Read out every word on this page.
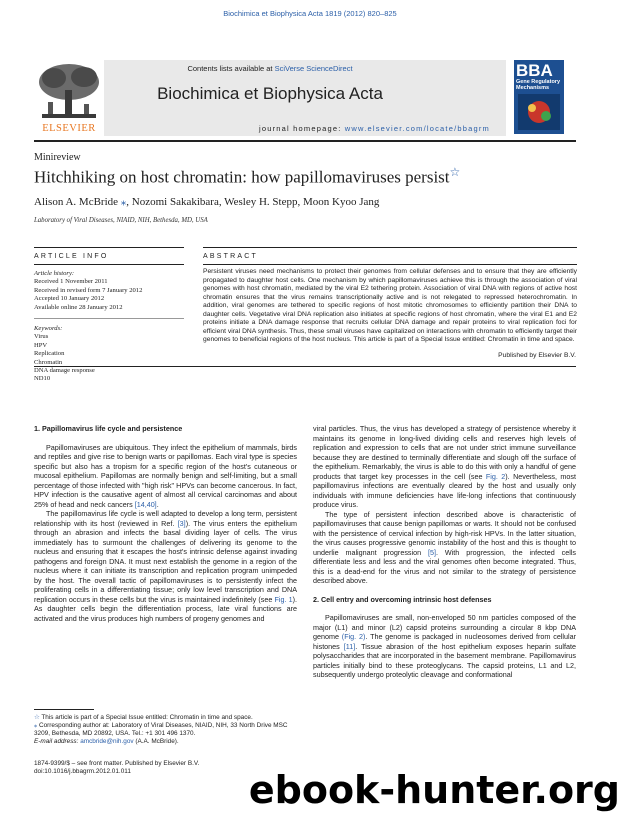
Biochimica et Biophysica Acta 1819 (2012) 820–825
Contents lists available at SciVerse ScienceDirect
Biochimica et Biophysica Acta
journal homepage: www.elsevier.com/locate/bbagrm
ELSEVIER
BBA
Gene Regulatory Mechanisms
Minireview
Hitchhiking on host chromatin: how papillomaviruses persist☆
Alison A. McBride ⁎, Nozomi Sakakibara, Wesley H. Stepp, Moon Kyoo Jang
Laboratory of Viral Diseases, NIAID, NIH, Bethesda, MD, USA
ARTICLE INFO
Article history:
Received 1 November 2011
Received in revised form 7 January 2012
Accepted 10 January 2012
Available online 28 January 2012
Keywords:
Virus
HPV
Replication
Chromatin
DNA damage response
ND10
ABSTRACT
Persistent viruses need mechanisms to protect their genomes from cellular defenses and to ensure that they are efficiently propagated to daughter host cells. One mechanism by which papillomaviruses achieve this is through the association of viral genomes with host chromatin, mediated by the viral E2 tethering protein. Association of viral DNA with regions of active host chromatin ensures that the virus remains transcriptionally active and is not relegated to repressed heterochromatin. In addition, viral genomes are tethered to specific regions of host mitotic chromosomes to efficiently partition their DNA to daughter cells. Vegetative viral DNA replication also initiates at specific regions of host chromatin, where the viral E1 and E2 proteins initiate a DNA damage response that recruits cellular DNA damage and repair proteins to viral replication foci for efficient viral DNA synthesis. Thus, these small viruses have capitalized on interactions with chromatin to efficiently target their genomes to beneficial regions of the host nucleus. This article is part of a Special Issue entitled: Chromatin in time and space.
Published by Elsevier B.V.
1. Papillomavirus life cycle and persistence

Papillomaviruses are ubiquitous. They infect the epithelium of mammals, birds and reptiles and give rise to benign warts or papillomas. Each viral type is species specific but also has a tropism for a specific region of the host's cutaneous or mucosal epithelium. Papillomas are normally benign and self-limiting, but a small percentage of those infected with "high risk" HPVs can become cancerous. In fact, HPV infection is the causative agent of almost all cervical carcinomas and about 25% of head and neck cancers [14,40].

The papillomavirus life cycle is well adapted to develop a long term, persistent relationship with its host (reviewed in Ref. [3]). The virus enters the epithelium through an abrasion and infects the basal dividing layer of cells. The virus immediately has to surmount the challenges of delivering its genome to the nucleus and ensuring that it escapes the host's intrinsic defense against invading pathogens and foreign DNA. It must next establish the genome in a region of the nucleus where it can initiate its transcription and replication program unimpeded by the host. The overall tactic of papillomaviruses is to persistently infect the proliferating cells in a differentiating tissue; only low level transcription and DNA replication occurs in these cells but the virus is maintained indefinitely (see Fig. 1). As daughter cells begin the differentiation process, late viral functions are activated and the virus produces high numbers of progeny genomes and

viral particles. Thus, the virus has developed a strategy of persistence whereby it maintains its genome in long-lived dividing cells and reserves high levels of replication and expression to cells that are not under strict immune surveillance because they are destined to terminally differentiate and slough off the surface of the epithelium. Remarkably, the virus is able to do this with only a handful of gene products that target key processes in the cell (see Fig. 2). Nevertheless, most papillomavirus infections are eventually cleared by the host and usually only individuals with immune deficiencies have life-long infections that continuously produce virus.

The type of persistent infection described above is characteristic of papillomaviruses that cause benign papillomas or warts. It should not be confused with the persistence of cervical infection by high-risk HPVs. In the latter situation, the virus causes progressive genomic instability of the host and this is thought to underlie malignant progression [5]. With progression, the infected cells differentiate less and less and the viral genomes often become integrated. Thus, this is a dead-end for the virus and not similar to the strategy of persistence described above.

2. Cell entry and overcoming intrinsic host defenses

Papillomaviruses are small, non-enveloped 50 nm particles composed of the major (L1) and minor (L2) capsid proteins surrounding a circular 8 kbp DNA genome (Fig. 2). The genome is packaged in nucleosomes derived from cellular histones [11]. Tissue abrasion of the host epithelium exposes heparin sulfate polysaccharides that are incorporated in the basement membrane. Papillomavirus particles initially bind to these proteoglycans. The capsid proteins, L1 and L2, subsequently undergo proteolytic cleavage and conformational

☆ This article is part of a Special Issue entitled: Chromatin in time and space.
⁎ Corresponding author at: Laboratory of Viral Diseases, NIAID, NIH, 33 North Drive MSC 3209, Bethesda, MD 20892, USA. Tel.: +1 301 496 1370.
E-mail address: amcbride@nih.gov (A.A. McBride).
1874-9399/$ – see front matter. Published by Elsevier B.V.
doi:10.1016/j.bbagrm.2012.01.011	ebook-hunter.org
